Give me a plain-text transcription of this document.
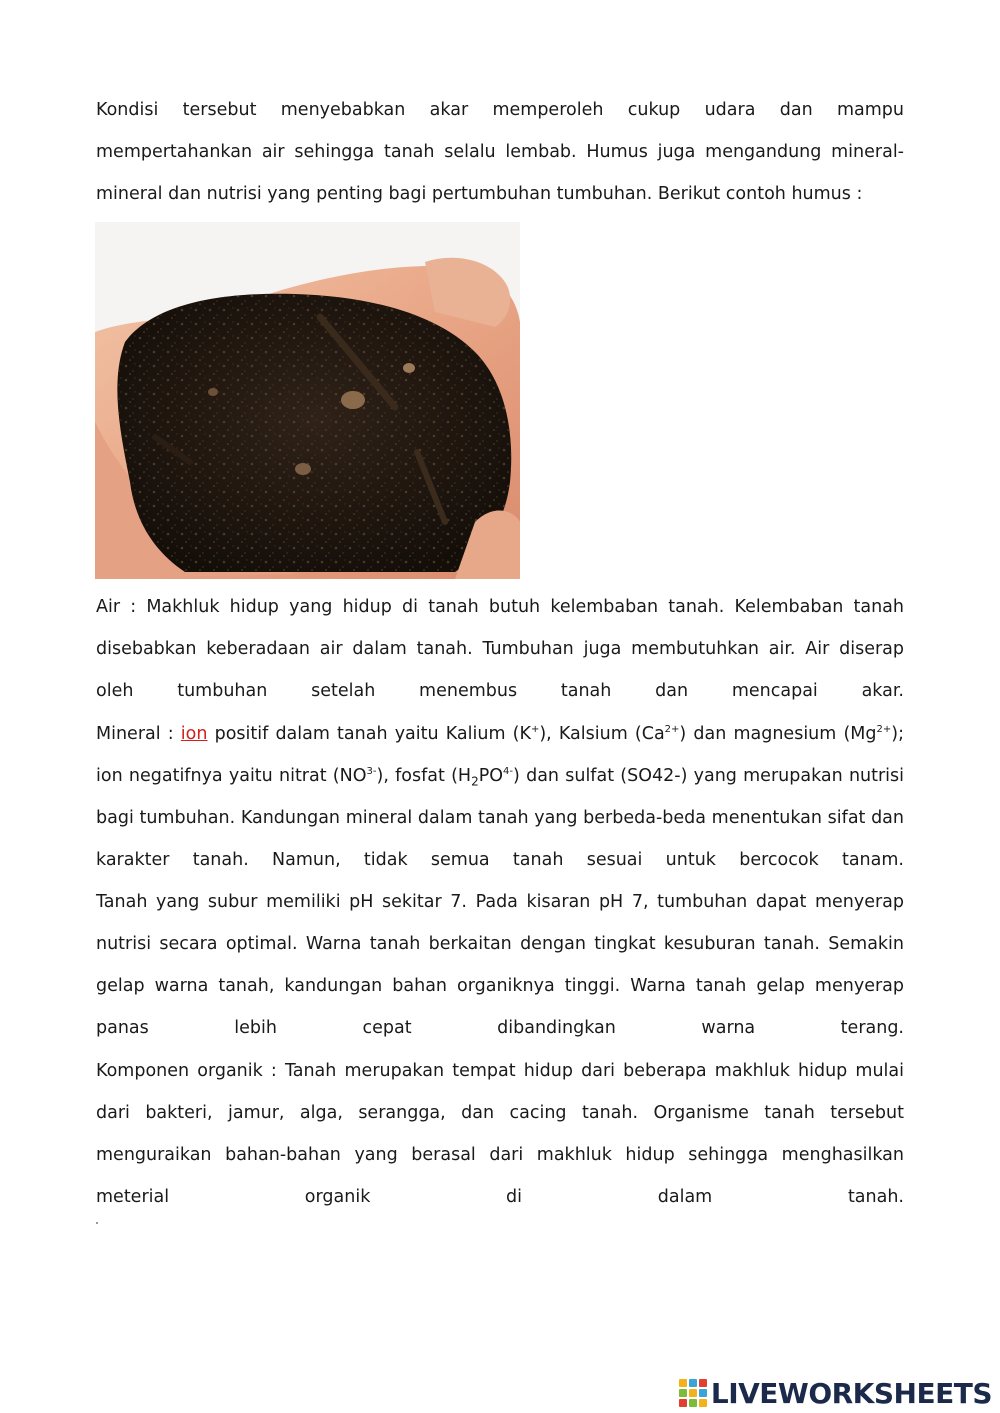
Kondisi tersebut menyebabkan akar memperoleh cukup udara dan mampu
mempertahankan air sehingga tanah selalu lembab. Humus juga mengandung mineral-
mineral dan nutrisi yang penting bagi pertumbuhan tumbuhan. Berikut contoh humus :

Air : Makhluk hidup yang hidup di tanah butuh kelembaban tanah. Kelembaban tanah disebabkan keberadaan air dalam tanah. Tumbuhan juga membutuhkan air. Air diserap oleh tumbuhan setelah menembus tanah dan mencapai akar.

Mineral : ion positif dalam tanah yaitu Kalium (K+), Kalsium $(Ca^{2+})$ dan magnesium $(Mg^{2+})$; ion negatifnya yaitu nitrat $(NO^{3-})$, fosfat $(H_2PO^{4-})$ dan sulfat (SO42-) yang merupakan nutrisi bagi tumbuhan. Kandungan mineral dalam tanah yang berbeda-beda menentukan sifat dan karakter tanah. Namun, tidak semua tanah sesuai untuk bercocok tanam.

Tanah yang subur memiliki pH sekitar 7. Pada kisaran pH 7, tumbuhan dapat menyerap nutrisi secara optimal. Warna tanah berkaitan dengan tingkat kesuburan tanah. Semakin gelap warna tanah, kandungan bahan organiknya tinggi. Warna tanah gelap menyerap panas lebih cepat dibandingkan warna terang.

Komponen organik : Tanah merupakan tempat hidup dari beberapa makhluk hidup mulai dari bakteri, jamur, alga, serangga, dan cacing tanah. Organisme tanah tersebut menguraikan bahan-bahan yang berasal dari makhluk hidup sehingga menghasilkan meterial organik di dalam tanah.

LIVEWORKSHEETS
